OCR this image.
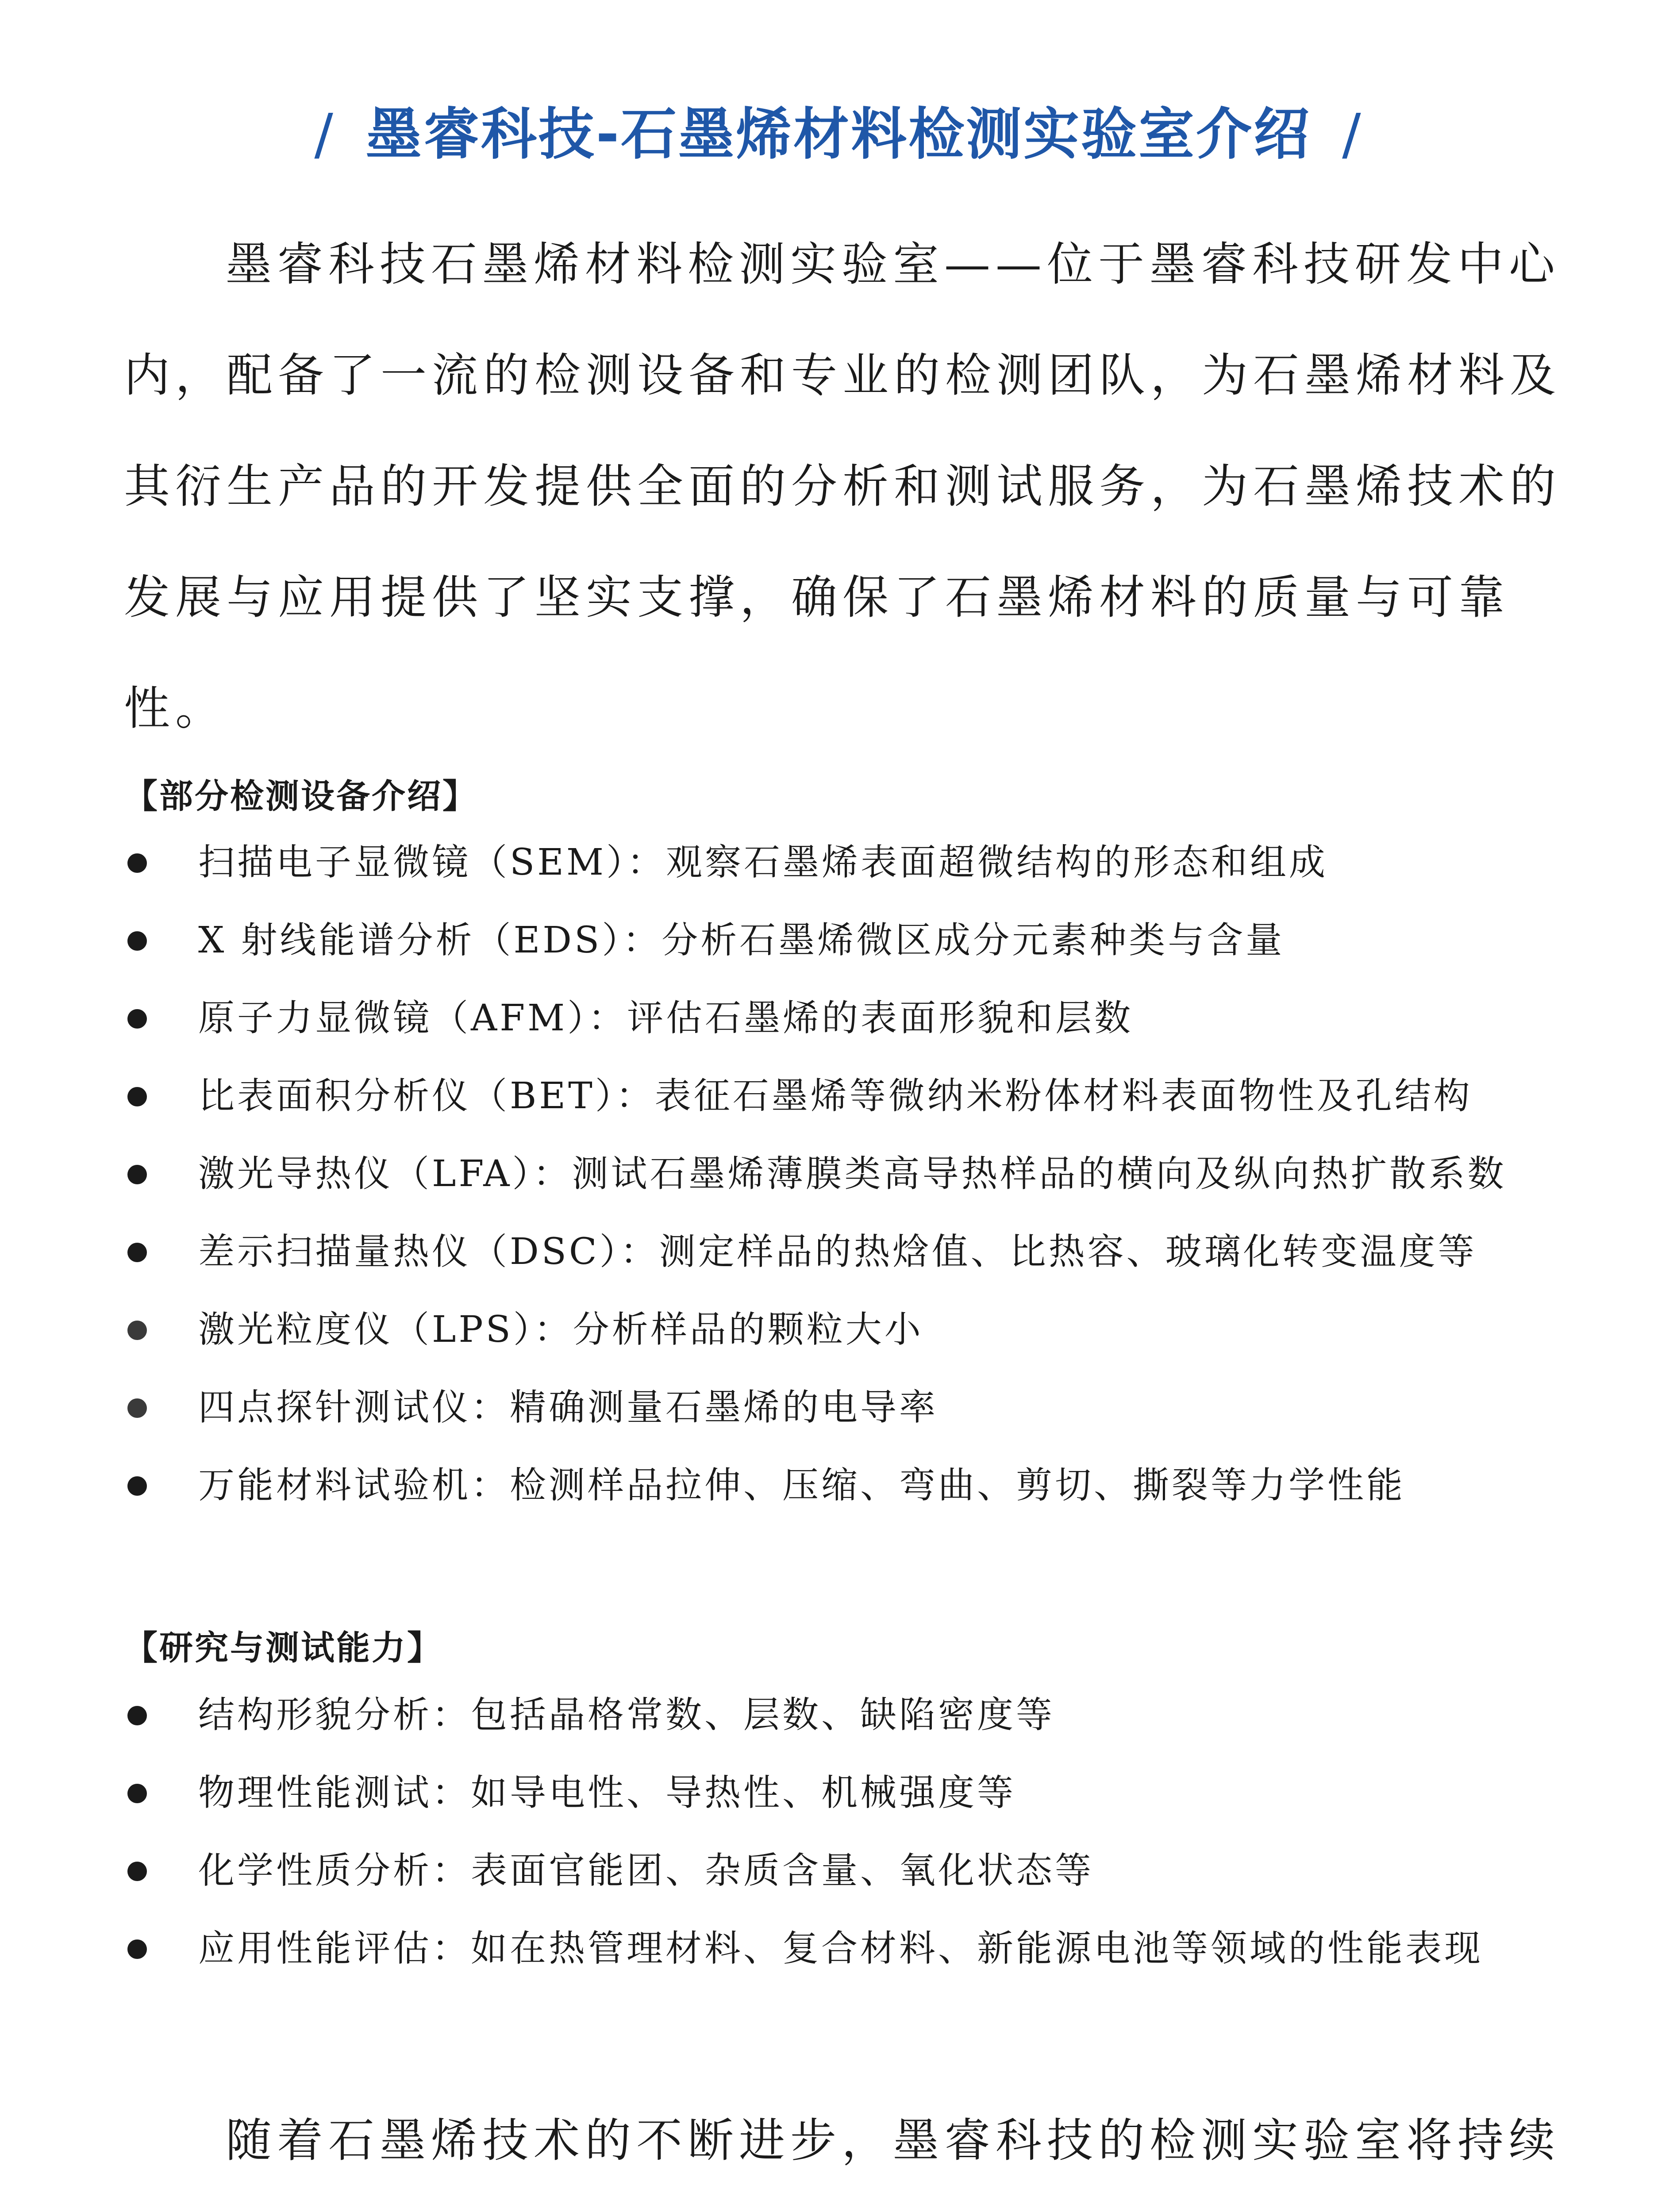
/ 墨睿科技-石墨烯材料检测实验室介绍 /

墨睿科技石墨烯材料检测实验室——位于墨睿科技研发中心内，配备了一流的检测设备和专业的检测团队，为石墨烯材料及其衍生产品的开发提供全面的分析和测试服务，为石墨烯技术的发展与应用提供了坚实支撑，确保了石墨烯材料的质量与可靠性。

【部分检测设备介绍】
扫描电子显微镜（SEM）：观察石墨烯表面超微结构的形态和组成
X 射线能谱分析（EDS）：分析石墨烯微区成分元素种类与含量
原子力显微镜（AFM）：评估石墨烯的表面形貌和层数
比表面积分析仪（BET）：表征石墨烯等微纳米粉体材料表面物性及孔结构
激光导热仪（LFA）：测试石墨烯薄膜类高导热样品的横向及纵向热扩散系数
差示扫描量热仪（DSC）：测定样品的热焓值、比热容、玻璃化转变温度等
激光粒度仪（LPS）：分析样品的颗粒大小
四点探针测试仪：精确测量石墨烯的电导率
万能材料试验机：检测样品拉伸、压缩、弯曲、剪切、撕裂等力学性能
【研究与测试能力】
结构形貌分析：包括晶格常数、层数、缺陷密度等
物理性能测试：如导电性、导热性、机械强度等
化学性质分析：表面官能团、杂质含量、氧化状态等
应用性能评估：如在热管理材料、复合材料、新能源电池等领域的性能表现

随着石墨烯技术的不断进步，墨睿科技的检测实验室将持续
